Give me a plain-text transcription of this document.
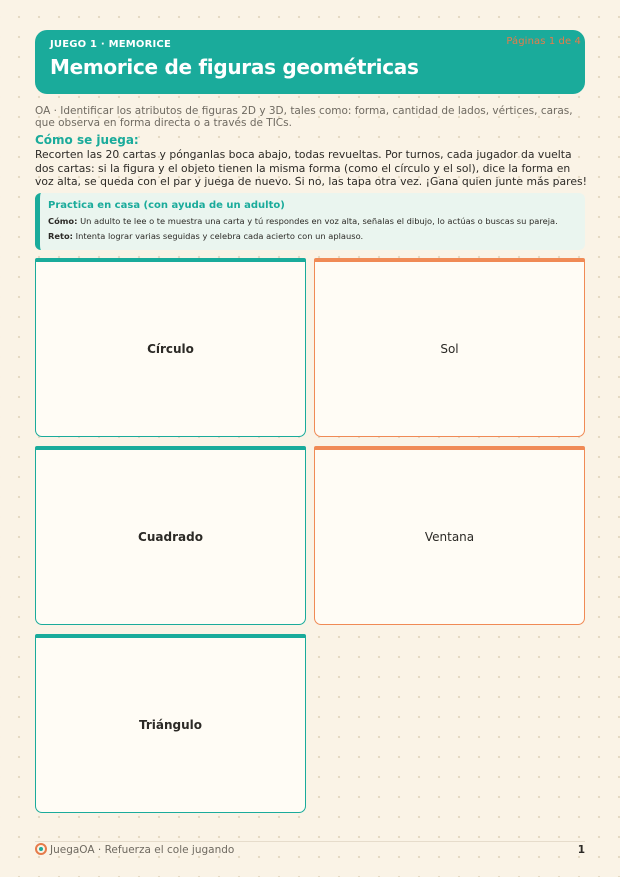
JUEGO 1 · MEMORICE
Memorice de figuras geométricas
Páginas 1 de 4
OA · Identificar los atributos de figuras 2D y 3D, tales como: forma, cantidad de lados, vértices, caras, que observa en forma directa o a través de TICs.
Cómo se juega:
Recorten las 20 cartas y pónganlas boca abajo, todas revueltas. Por turnos, cada jugador da vuelta dos cartas: si la figura y el objeto tienen la misma forma (como el círculo y el sol), dice la forma en voz alta, se queda con el par y juega de nuevo. Si no, las tapa otra vez. ¡Gana quien junte más pares!
Practica en casa (con ayuda de un adulto)
Cómo: Un adulto te lee o te muestra una carta y tú respondes en voz alta, señalas el dibujo, lo actúas o buscas su pareja.
Reto: Intenta lograr varias seguidas y celebra cada acierto con un aplauso.
Círculo	Sol
Cuadrado	Ventana
Triángulo
JuegaOA · Refuerza el cole jugando	1
